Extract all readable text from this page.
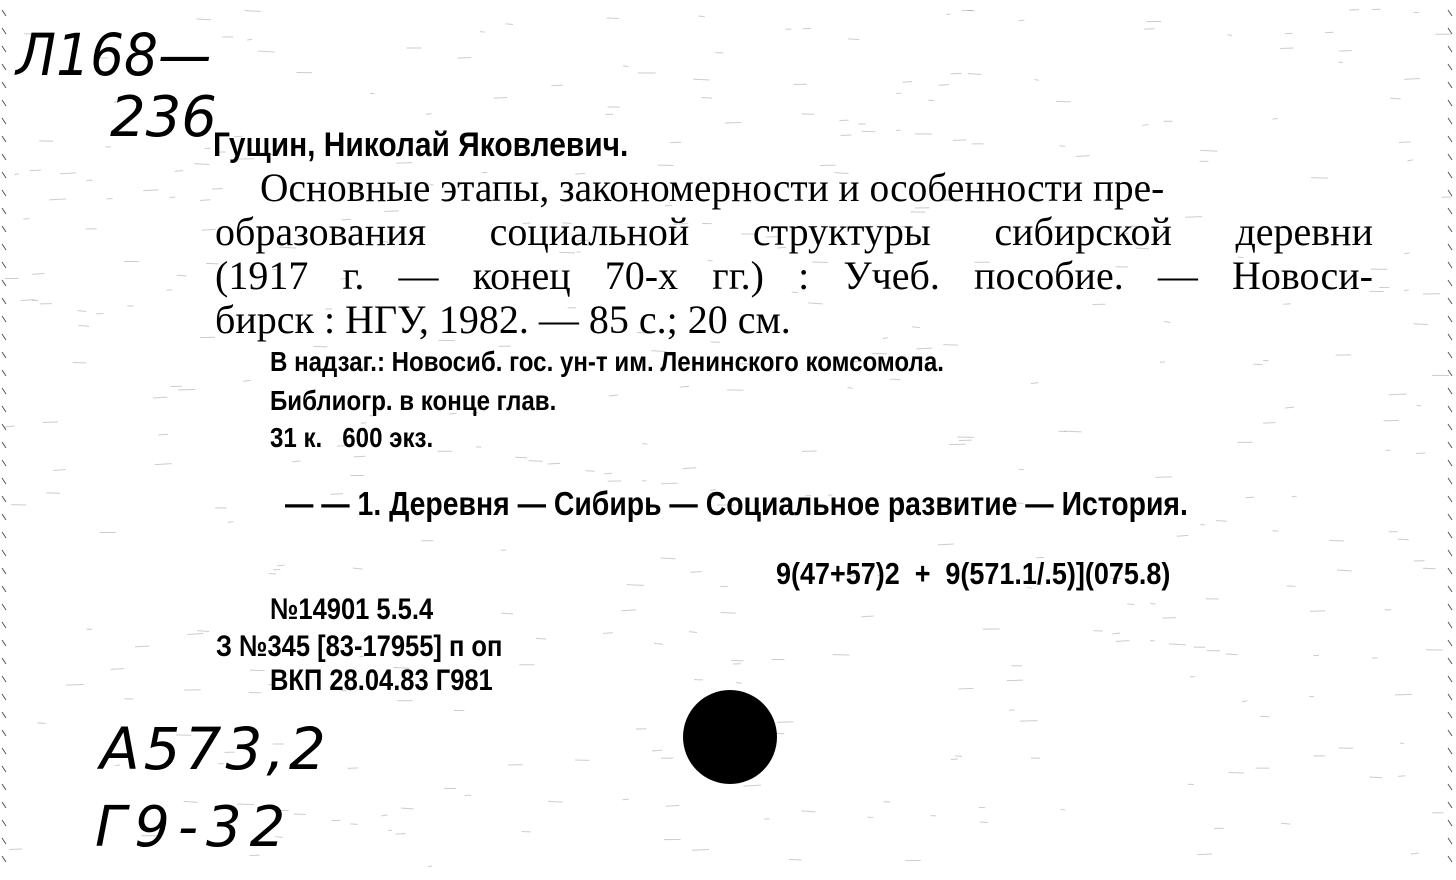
Л168—
236
Гущин, Николай Яковлевич.
Основные этапы, закономерности и особенности пре-
образования социальной структуры сибирской деревни
(1917 г. — конец 70-х гг.) : Учеб. пособие. — Новоси-
бирск : НГУ, 1982. — 85 с.; 20 см.
В надзаг.: Новосиб. гос. ун-т им. Ленинского комсомола.
Библиогр. в конце глав.
31 к.   600 экз.
— — 1. Деревня — Сибирь — Социальное развитие — История.
9(47+57)2  +  9(571.1/.5)](075.8)
№14901 5.5.4
З №345 [83-17955] п оп
ВКП 28.04.83 Г981
А573,2
Г9-32
